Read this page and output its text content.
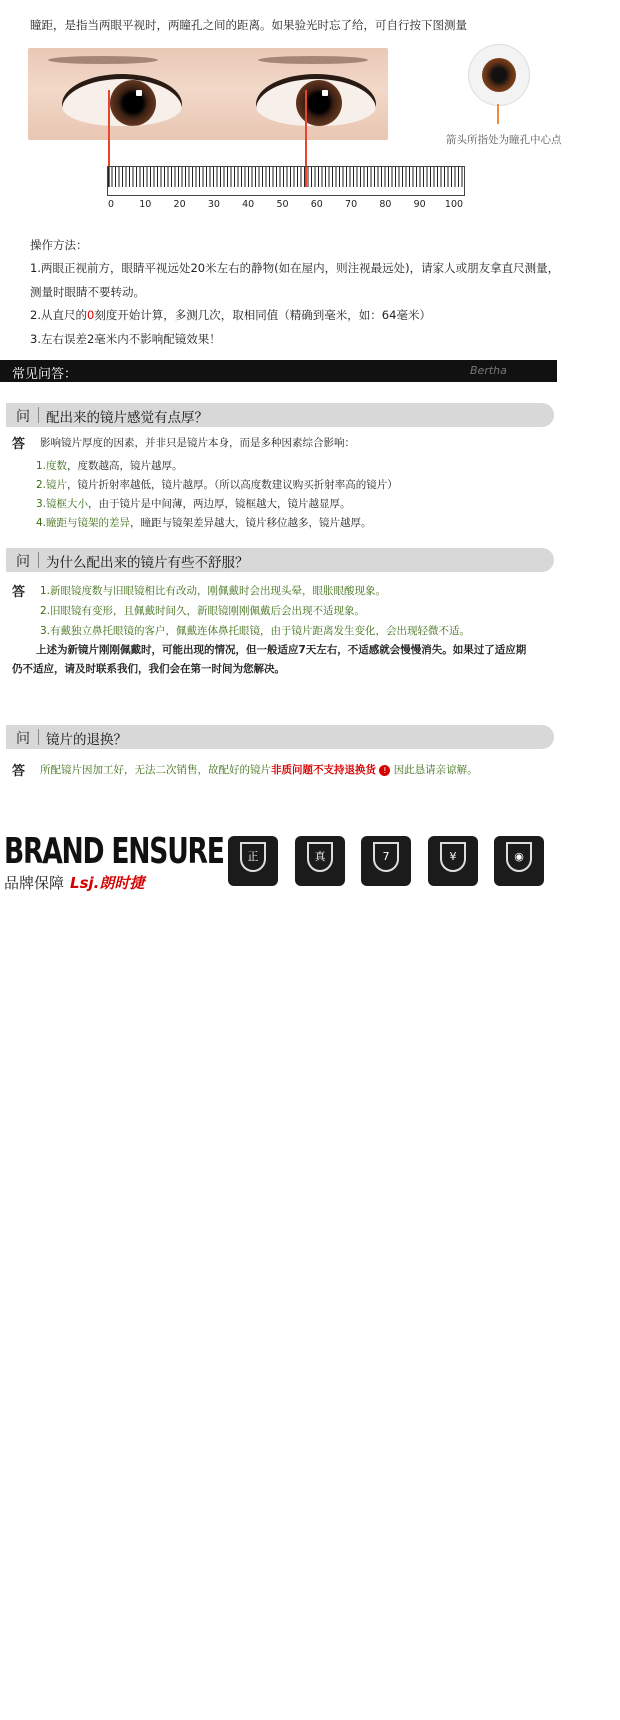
瞳距，是指当两眼平视时，两瞳孔之间的距离。如果验光时忘了给，可自行按下图测量
箭头所指处为瞳孔中心点
0	10	20	30	40	50	60	70	80	90	100
操作方法：
1.两眼正视前方，眼睛平视远处20米左右的静物(如在屋内，则注视最远处)，请家人或朋友拿直尺测量，
测量时眼睛不要转动。
2.从直尺的0刻度开始计算，多测几次，取相同值（精确到毫米，如：64毫米）
3.左右误差2毫米内不影响配镜效果！
常见问答：	Bertha
问 配出来的镜片感觉有点厚？
答 影响镜片厚度的因素，并非只是镜片本身，而是多种因素综合影响：
1.度数，度数越高，镜片越厚。
2.镜片，镜片折射率越低，镜片越厚。（所以高度数建议购买折射率高的镜片）
3.镜框大小，由于镜片是中间薄，两边厚，镜框越大，镜片越显厚。
4.瞳距与镜架的差异，瞳距与镜架差异越大，镜片移位越多，镜片越厚。
问 为什么配出来的镜片有些不舒服？
答 1.新眼镜度数与旧眼镜相比有改动，刚佩戴时会出现头晕，眼胀眼酸现象。
2.旧眼镜有变形，且佩戴时间久，新眼镜刚刚佩戴后会出现不适现象。
3.有戴独立鼻托眼镜的客户，佩戴连体鼻托眼镜，由于镜片距离发生变化，会出现轻微不适。
上述为新镜片刚刚佩戴时，可能出现的情况，但一般适应7天左右，不适感就会慢慢消失。如果过了适应期
仍不适应，请及时联系我们，我们会在第一时间为您解决。
问 镜片的退换？
答 所配镜片因加工好，无法二次销售，故配好的镜片非质问题不支持退换货 ! 因此恳请亲谅解。
BRAND ENSURE
品牌保障 Lsj.朗时捷
正
正品保障
真
假一赔十
7
七天退换
¥
消费积分
◉
实物拍摄
